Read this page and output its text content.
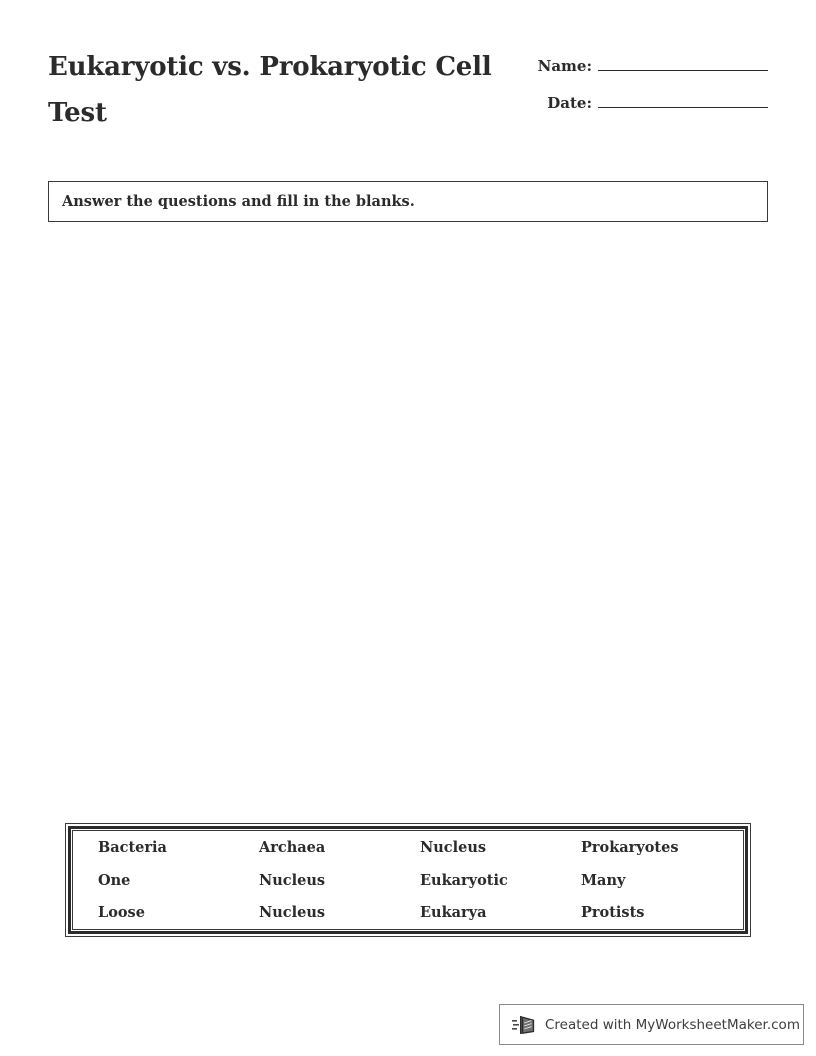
Eukaryotic vs. Prokaryotic Cell Test
Name:
Date:
Answer the questions and fill in the blanks.
Bacteria	Archaea	Nucleus	Prokaryotes
One	Nucleus	Eukaryotic	Many
Loose	Nucleus	Eukarya	Protists
Created with MyWorksheetMaker.com
